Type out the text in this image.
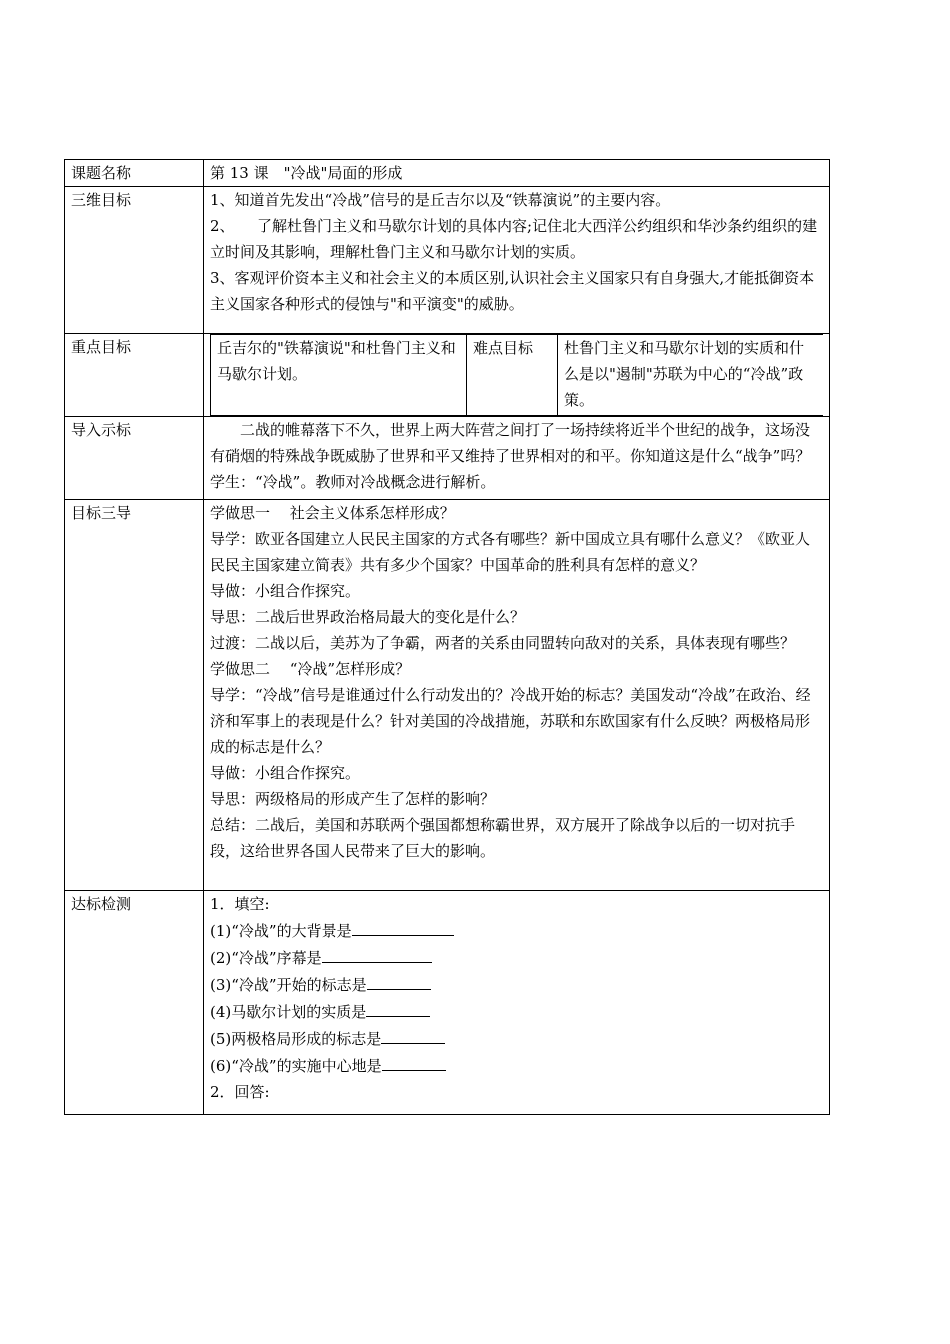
课题名称	第 13 课　"冷战"局面的形成
三维目标	1、知道首先发出“冷战”信号的是丘吉尔以及“铁幕演说”的主要内容。

2、　　了解杜鲁门主义和马歇尔计划的具体内容;记住北大西洋公约组织和华沙条约组织的建立时间及其影响，理解杜鲁门主义和马歇尔计划的实质。

3、客观评价资本主义和社会主义的本质区别,认识社会主义国家只有自身强大,才能抵御资本主义国家各种形式的侵蚀与"和平演变"的威胁。

重点目标		丘吉尔的"铁幕演说"和杜鲁门主义和马歇尔计划。	难点目标	杜鲁门主义和马歇尔计划的实质和什么是以"遏制"苏联为中心的“冷战”政策。

导入示标	二战的帷幕落下不久，世界上两大阵营之间打了一场持续将近半个世纪的战争，这场没有硝烟的特殊战争既威胁了世界和平又维持了世界相对的和平。你知道这是什么“战争”吗？学生：“冷战”。教师对冷战概念进行解析。

目标三导	学做思一　 社会主义体系怎样形成？

导学：欧亚各国建立人民民主国家的方式各有哪些？新中国成立具有哪什么意义？《欧亚人民民主国家建立简表》共有多少个国家？中国革命的胜利具有怎样的意义？

导做：小组合作探究。

导思：二战后世界政治格局最大的变化是什么？

过渡：二战以后，美苏为了争霸，两者的关系由同盟转向敌对的关系，具体表现有哪些？

学做思二　 “冷战”怎样形成？

导学：“冷战”信号是谁通过什么行动发出的？冷战开始的标志？美国发动“冷战”在政治、经济和军事上的表现是什么？针对美国的冷战措施，苏联和东欧国家有什么反映？两极格局形成的标志是什么？

导做：小组合作探究。

导思：两级格局的形成产生了怎样的影响？

总结：二战后，美国和苏联两个强国都想称霸世界，双方展开了除战争以后的一切对抗手段，这给世界各国人民带来了巨大的影响。

达标检测	1．填空:

(1)“冷战”的大背景是

(2)“冷战”序幕是

(3)“冷战”开始的标志是

(4)马歇尔计划的实质是

(5)两极格局形成的标志是

(6)“冷战”的实施中心地是

2．回答:
